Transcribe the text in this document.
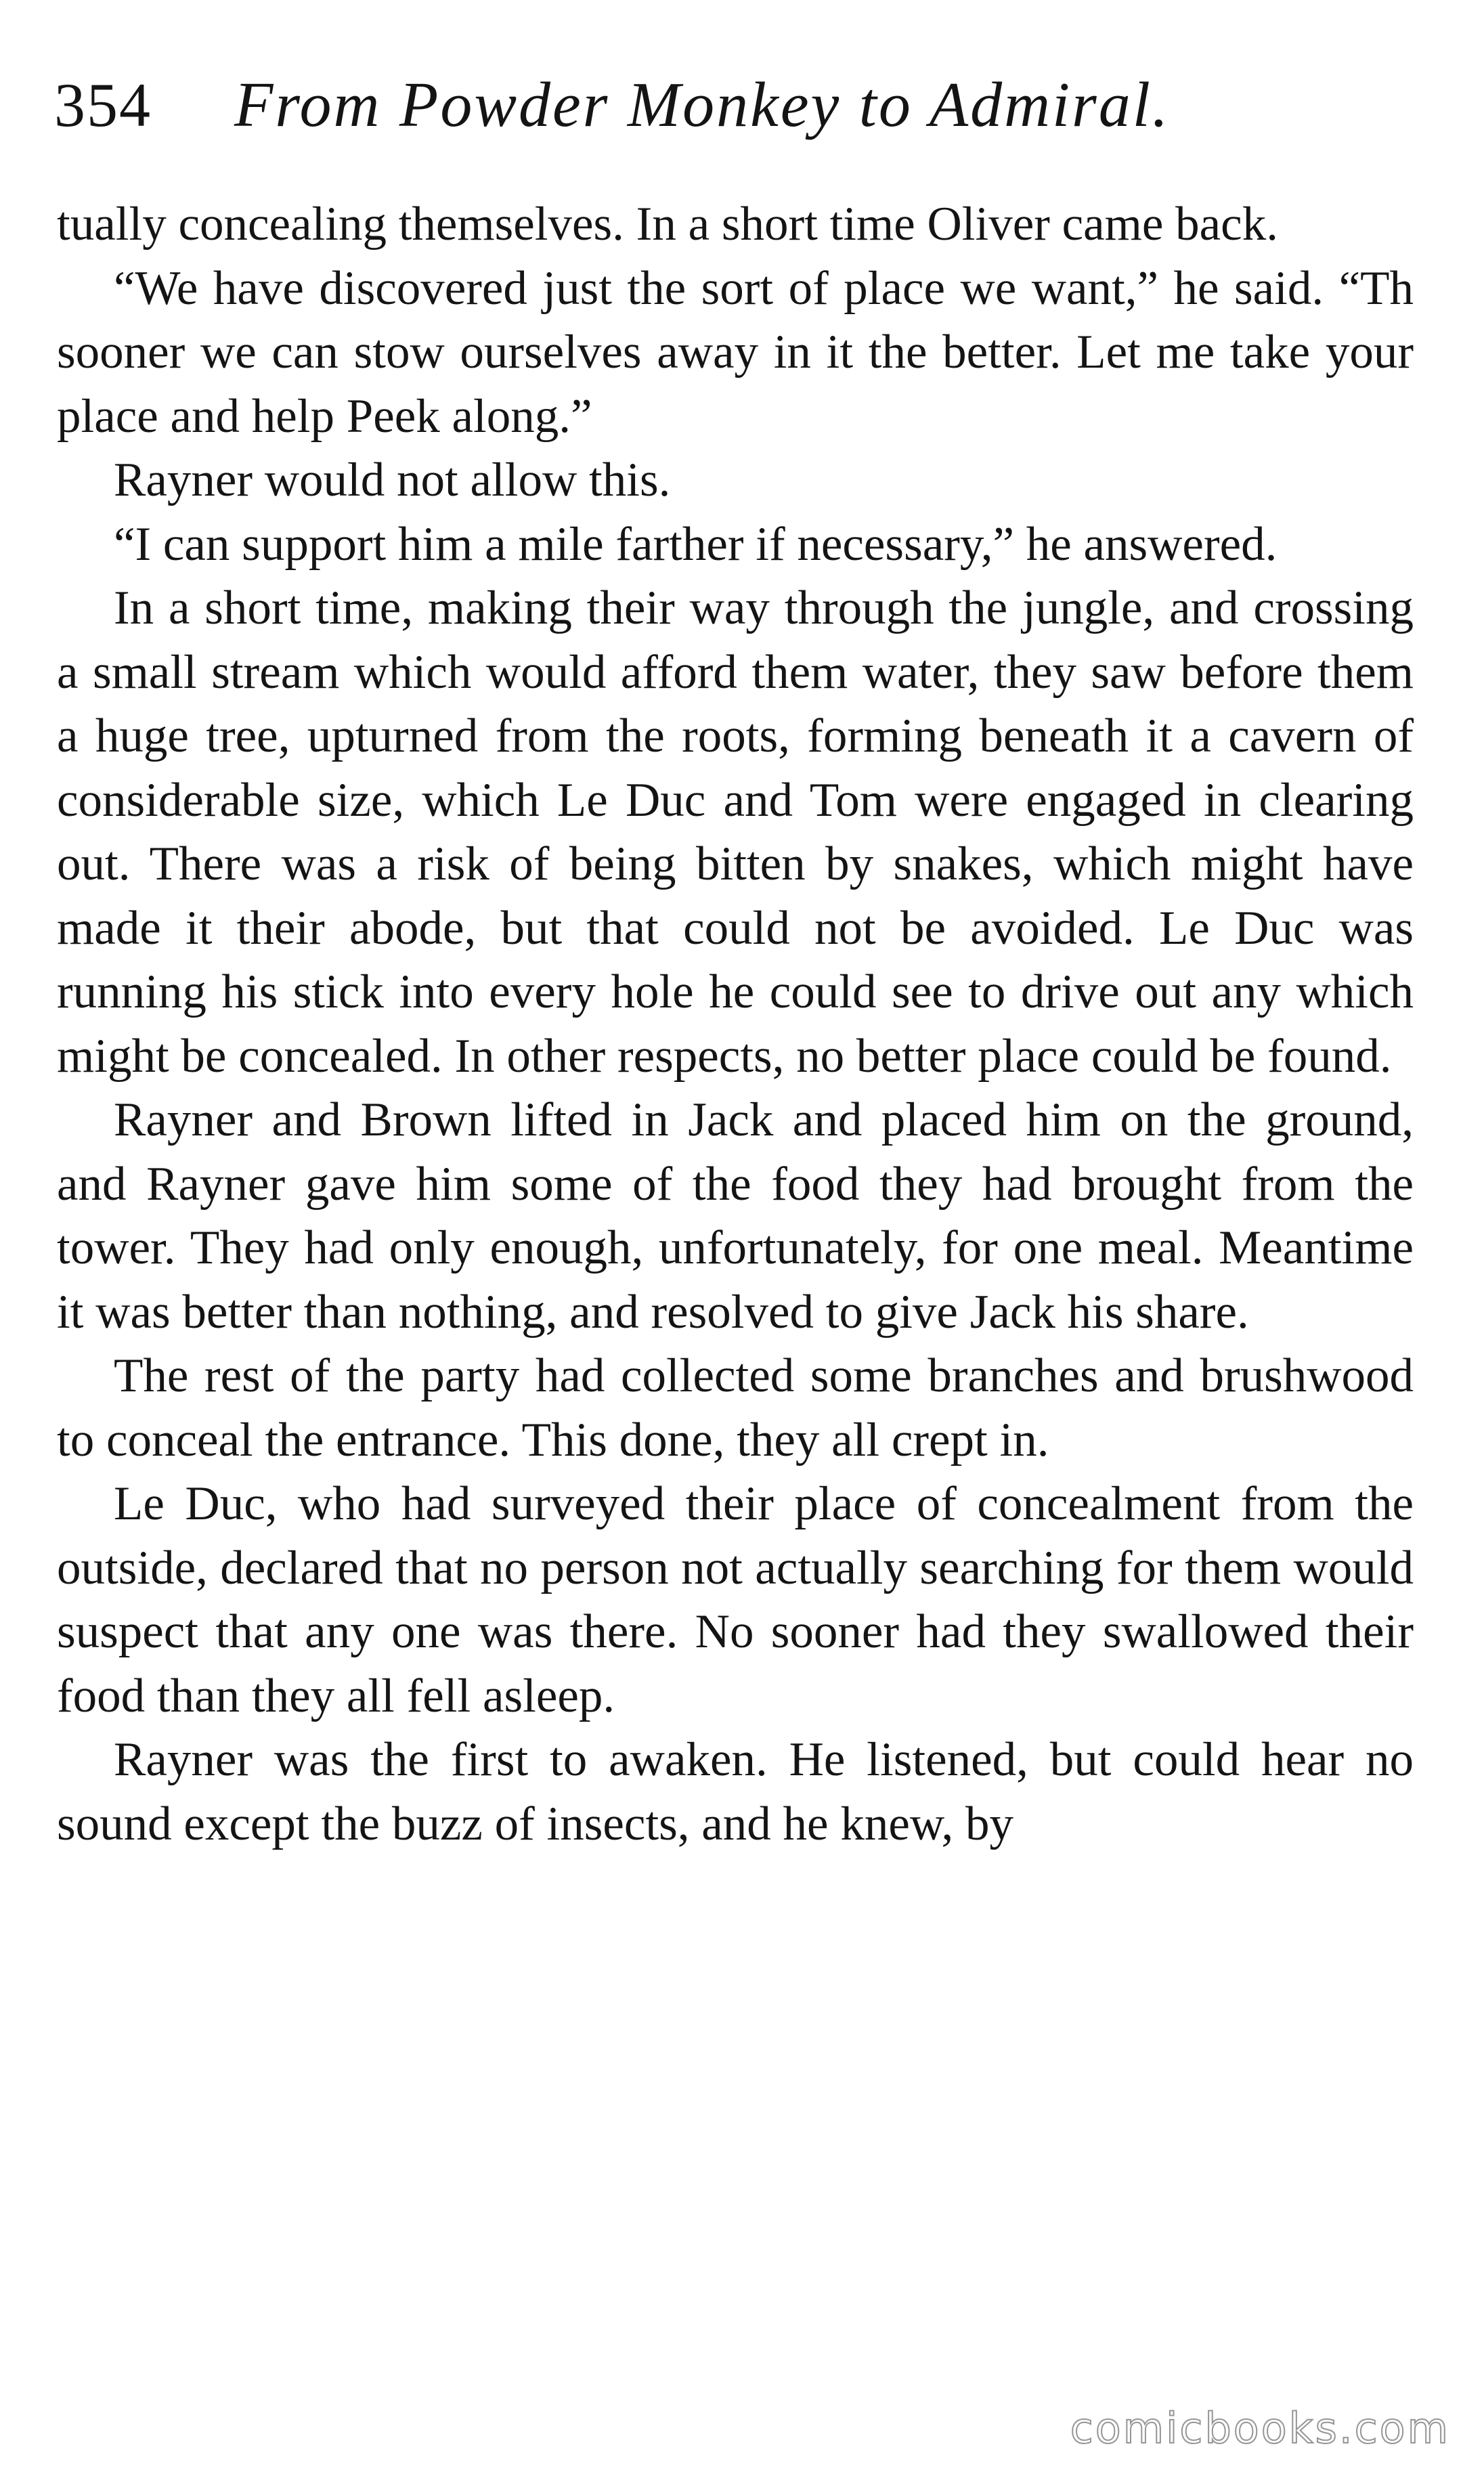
354 From Powder Monkey to Admiral.

tually concealing themselves. In a short time Oliver came back.

“We have discovered just the sort of place we want,” he said. “Th sooner we can stow ourselves away in it the better. Let me take your place and help Peek along.”

Rayner would not allow this.

“I can support him a mile farther if necessary,” he answered.

In a short time, making their way through the jungle, and crossing a small stream which would afford them water, they saw before them a huge tree, upturned from the roots, forming beneath it a cavern of considerable size, which Le Duc and Tom were engaged in clearing out. There was a risk of being bitten by snakes, which might have made it their abode, but that could not be avoided. Le Duc was running his stick into every hole he could see to drive out any which might be concealed. In other respects, no better place could be found.

Rayner and Brown lifted in Jack and placed him on the ground, and Rayner gave him some of the food they had brought from the tower. They had only enough, unfortunately, for one meal. Meantime it was better than nothing, and resolved to give Jack his share.

The rest of the party had collected some branches and brushwood to conceal the entrance. This done, they all crept in.

Le Duc, who had surveyed their place of concealment from the outside, declared that no person not actually searching for them would suspect that any one was there. No sooner had they swallowed their food than they all fell asleep.

Rayner was the first to awaken. He listened, but could hear no sound except the buzz of insects, and he knew, by

comicbooks.com
